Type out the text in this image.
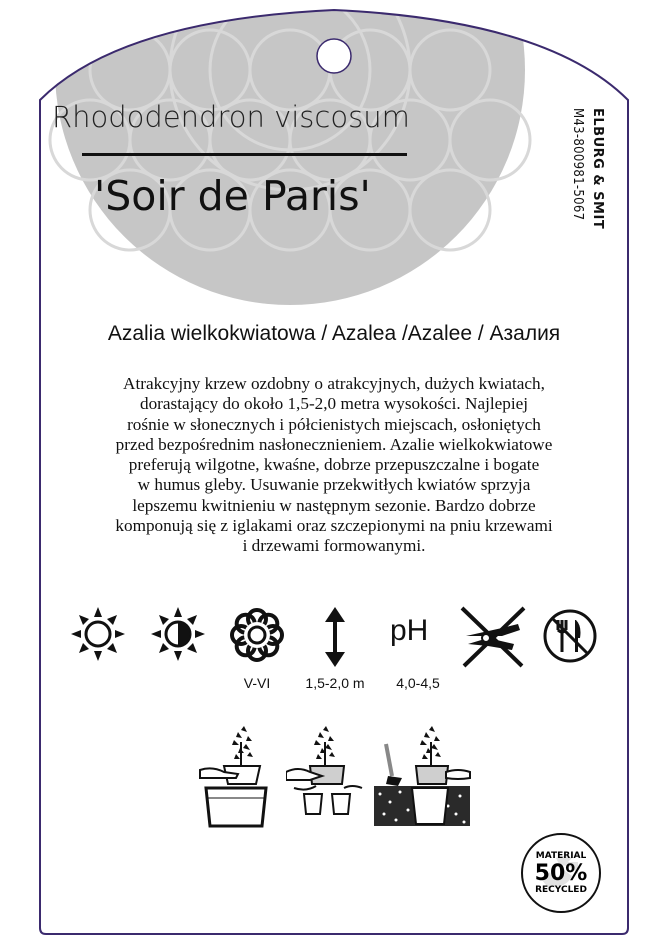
Rhododendron viscosum
'Soir de Paris'	ELBURG & SMIT
M43-800981-5067
Azalia wielkokwiatowa / Azalea /Azalee / Азалия

Atrakcyjny krzew ozdobny o atrakcyjnych, dużych kwiatach,
dorastający do około 1,5-2,0 metra wysokości. Najlepiej
rośnie w słonecznych i półcienistych miejscach, osłoniętych
przed bezpośrednim nasłonecznieniem. Azalie wielkokwiatowe
preferują wilgotne, kwaśne, dobrze przepuszczalne i bogate
w humus gleby. Usuwanie przekwitłych kwiatów sprzyja
lepszemu kwitnieniu w następnym sezonie. Bardzo dobrze
komponują się z iglakami oraz szczepionymi na pniu krzewami
i drzewami formowanymi.

pH
V-VI	1,5-2,0 m	4,0-4,5
MATERIAL
50%
RECYCLED
